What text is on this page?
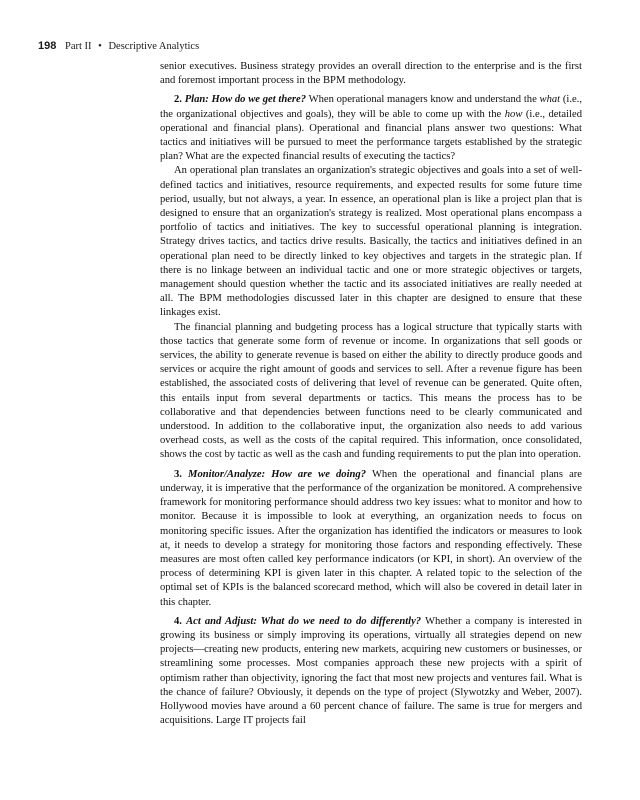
198 Part II • Descriptive Analytics

senior executives. Business strategy provides an overall direction to the enterprise and is the first and foremost important process in the BPM methodology.

2. Plan: How do we get there? When operational managers know and understand the what (i.e., the organizational objectives and goals), they will be able to come up with the how (i.e., detailed operational and financial plans). Operational and financial plans answer two questions: What tactics and initiatives will be pursued to meet the performance targets established by the strategic plan? What are the expected financial results of executing the tactics?

An operational plan translates an organization's strategic objectives and goals into a set of well-defined tactics and initiatives, resource requirements, and expected results for some future time period, usually, but not always, a year. In essence, an operational plan is like a project plan that is designed to ensure that an organization's strategy is realized. Most operational plans encompass a portfolio of tactics and initiatives. The key to successful operational planning is integration. Strategy drives tactics, and tactics drive results. Basically, the tactics and initiatives defined in an operational plan need to be directly linked to key objectives and targets in the strategic plan. If there is no linkage between an individual tactic and one or more strategic objectives or targets, management should question whether the tactic and its associated initiatives are really needed at all. The BPM methodologies discussed later in this chapter are designed to ensure that these linkages exist.

The financial planning and budgeting process has a logical structure that typically starts with those tactics that generate some form of revenue or income. In organizations that sell goods or services, the ability to generate revenue is based on either the ability to directly produce goods and services or acquire the right amount of goods and services to sell. After a revenue figure has been established, the associated costs of delivering that level of revenue can be generated. Quite often, this entails input from several departments or tactics. This means the process has to be collaborative and that dependencies between functions need to be clearly communicated and understood. In addition to the collaborative input, the organization also needs to add various overhead costs, as well as the costs of the capital required. This information, once consolidated, shows the cost by tactic as well as the cash and funding requirements to put the plan into operation.

3. Monitor/Analyze: How are we doing? When the operational and financial plans are underway, it is imperative that the performance of the organization be monitored. A comprehensive framework for monitoring performance should address two key issues: what to monitor and how to monitor. Because it is impossible to look at everything, an organization needs to focus on monitoring specific issues. After the organization has identified the indicators or measures to look at, it needs to develop a strategy for monitoring those factors and responding effectively. These measures are most often called key performance indicators (or KPI, in short). An overview of the process of determining KPI is given later in this chapter. A related topic to the selection of the optimal set of KPIs is the balanced scorecard method, which will also be covered in detail later in this chapter.

4. Act and Adjust: What do we need to do differently? Whether a company is interested in growing its business or simply improving its operations, virtually all strategies depend on new projects—creating new products, entering new markets, acquiring new customers or businesses, or streamlining some processes. Most companies approach these new projects with a spirit of optimism rather than objectivity, ignoring the fact that most new projects and ventures fail. What is the chance of failure? Obviously, it depends on the type of project (Slywotzky and Weber, 2007). Hollywood movies have around a 60 percent chance of failure. The same is true for mergers and acquisitions. Large IT projects fail
